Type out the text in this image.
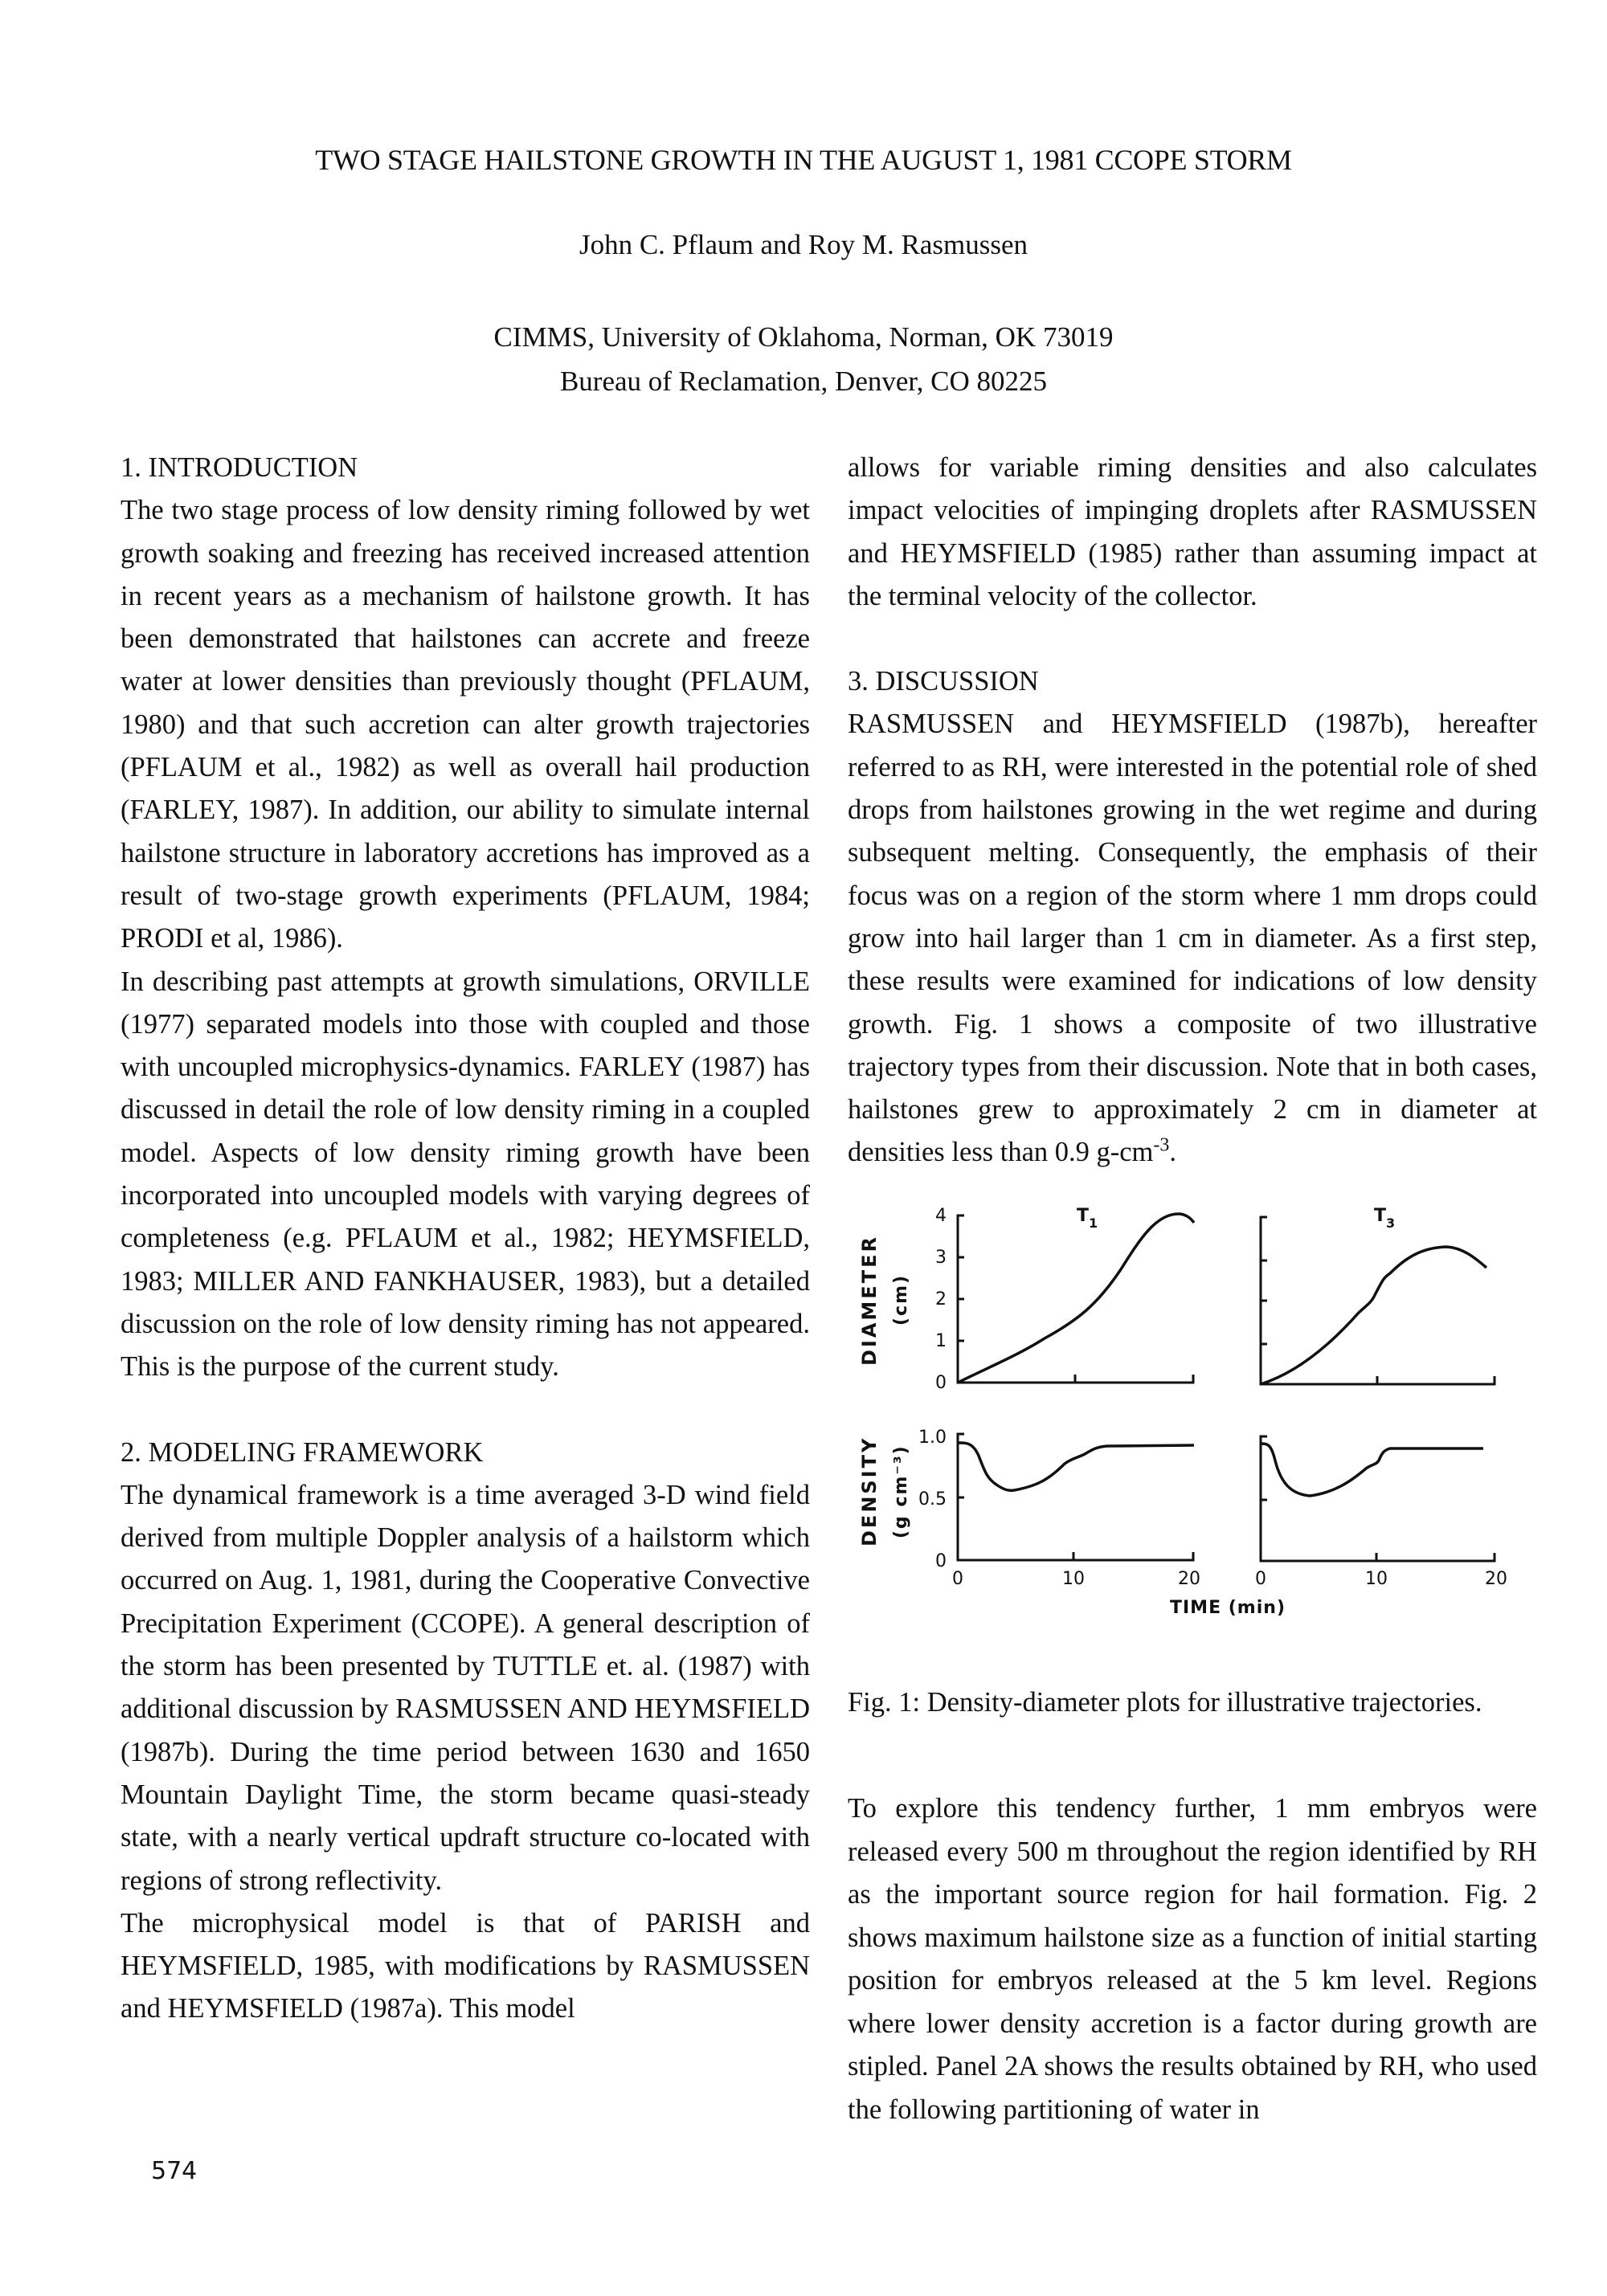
TWO STAGE HAILSTONE GROWTH IN THE AUGUST 1, 1981 CCOPE STORM
John C. Pflaum and Roy M. Rasmussen
CIMMS, University of Oklahoma, Norman, OK 73019
Bureau of Reclamation, Denver, CO 80225

1. INTRODUCTION

The two stage process of low density riming followed by wet growth soaking and freezing has received increased attention in recent years as a mechanism of hailstone growth. It has been demonstrated that hailstones can accrete and freeze water at lower densities than previously thought (PFLAUM, 1980) and that such accretion can alter growth trajectories (PFLAUM et al., 1982) as well as overall hail production (FARLEY, 1987). In addition, our ability to simulate internal hailstone structure in laboratory accretions has improved as a result of two-stage growth experiments (PFLAUM, 1984; PRODI et al, 1986).

In describing past attempts at growth simulations, ORVILLE (1977) separated models into those with coupled and those with uncoupled microphysics-dynamics. FARLEY (1987) has discussed in detail the role of low density riming in a coupled model. Aspects of low density riming growth have been incorporated into uncoupled models with varying degrees of completeness (e.g. PFLAUM et al., 1982; HEYMSFIELD, 1983; MILLER AND FANKHAUSER, 1983), but a detailed discussion on the role of low density riming has not appeared. This is the purpose of the current study.

2. MODELING FRAMEWORK

The dynamical framework is a time averaged 3-D wind field derived from multiple Doppler analysis of a hailstorm which occurred on Aug. 1, 1981, during the Cooperative Convective Precipitation Experiment (CCOPE). A general description of the storm has been presented by TUTTLE et. al. (1987) with additional discussion by RASMUSSEN AND HEYMSFIELD (1987b). During the time period between 1630 and 1650 Mountain Daylight Time, the storm became quasi-steady state, with a nearly vertical updraft structure co-located with regions of strong reflectivity.

The microphysical model is that of PARISH and HEYMSFIELD, 1985, with modifications by RASMUSSEN and HEYMSFIELD (1987a). This model

allows for variable riming densities and also calculates impact velocities of impinging droplets after RASMUSSEN and HEYMSFIELD (1985) rather than assuming impact at the terminal velocity of the collector.

3. DISCUSSION

RASMUSSEN and HEYMSFIELD (1987b), hereafter referred to as RH, were interested in the potential role of shed drops from hailstones growing in the wet regime and during subsequent melting. Consequently, the emphasis of their focus was on a region of the storm where 1 mm drops could grow into hail larger than 1 cm in diameter. As a first step, these results were examined for indications of low density growth. Fig. 1 shows a composite of two illustrative trajectory types from their discussion. Note that in both cases, hailstones grew to approximately 2 cm in diameter at densities less than 0.9 $g-cm^{-3}$.

DIAMETER (cm)
DENSITY (g cm⁻³)
0
1
2
3
4
0
0.5
1.0
$T_1$	$T_3$
0	10	20	0	10	20
TIME (min)
Fig. 1: Density-diameter plots for illustrative trajectories.
To explore this tendency further, 1 mm embryos were released every 500 m throughout the region identified by RH as the important source region for hail formation. Fig. 2 shows maximum hailstone size as a function of initial starting position for embryos released at the 5 km level. Regions where lower density accretion is a factor during growth are stipled. Panel 2A shows the results obtained by RH, who used the following partitioning of water in
574
